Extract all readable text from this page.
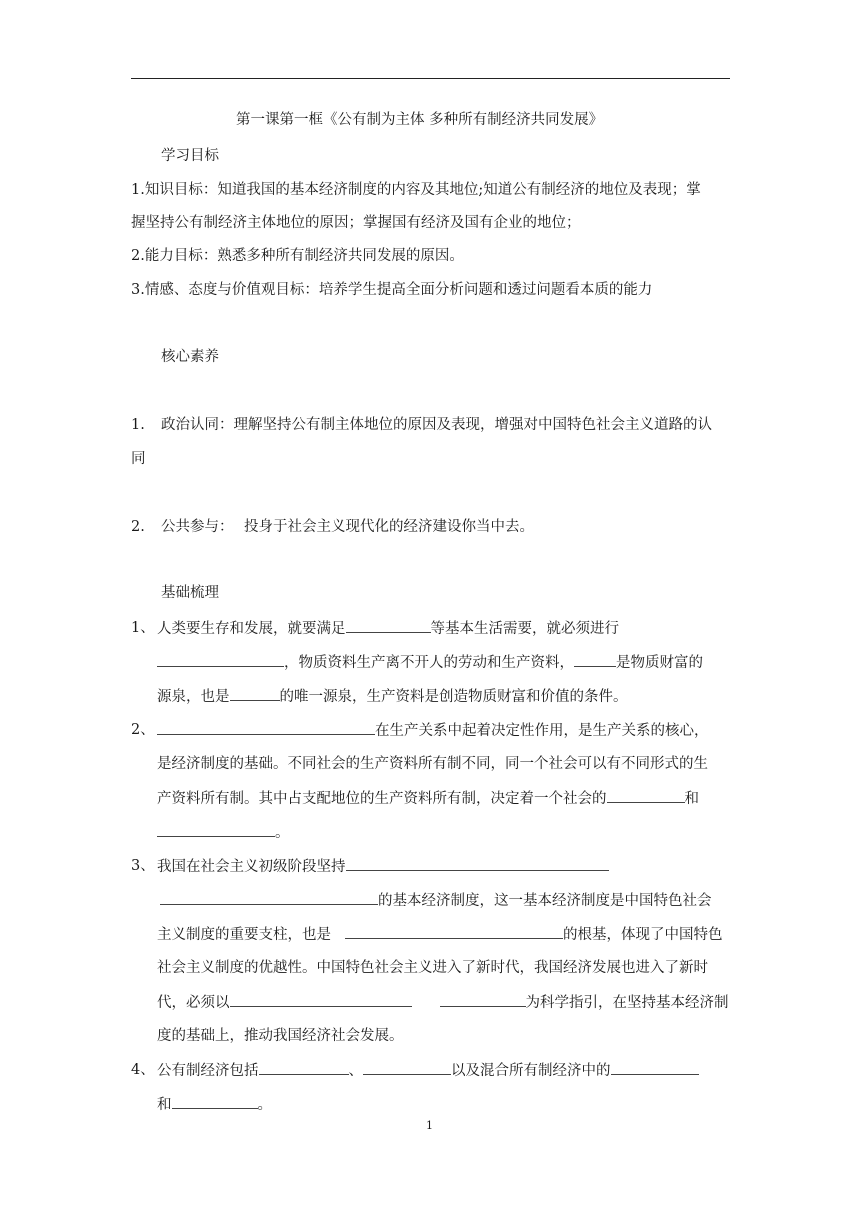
第一课第一框《公有制为主体 多种所有制经济共同发展》
学习目标
1.知识目标：知道我国的基本经济制度的内容及其地位;知道公有制经济的地位及表现；掌
握坚持公有制经济主体地位的原因；掌握国有经济及国有企业的地位；
2.能力目标：熟悉多种所有制经济共同发展的原因。
3.情感、态度与价值观目标：培养学生提高全面分析问题和透过问题看本质的能力
核心素养
1. 政治认同：理解坚持公有制主体地位的原因及表现，增强对中国特色社会主义道路的认
同
2. 公共参与： 投身于社会主义现代化的经济建设你当中去。
基础梳理
1、 人类要生存和发展，就要满足	等基本生活需要，就必须进行
，物质资料生产离不开人的劳动和生产资料，	是物质财富的
源泉，也是	的唯一源泉，生产资料是创造物质财富和价值的条件。
2、	在生产关系中起着决定性作用，是生产关系的核心，
是经济制度的基础。不同社会的生产资料所有制不同，同一个社会可以有不同形式的生
产资料所有制。其中占支配地位的生产资料所有制，决定着一个社会的	和
。
3、 我国在社会主义初级阶段坚持
的基本经济制度，这一基本经济制度是中国特色社会
主义制度的重要支柱，也是	的根基，体现了中国特色
社会主义制度的优越性。中国特色社会主义进入了新时代，我国经济发展也进入了新时
代，必须以	为科学指引，在坚持基本经济制
度的基础上，推动我国经济社会发展。
4、 公有制经济包括	、	以及混合所有制经济中的
和	。
1
